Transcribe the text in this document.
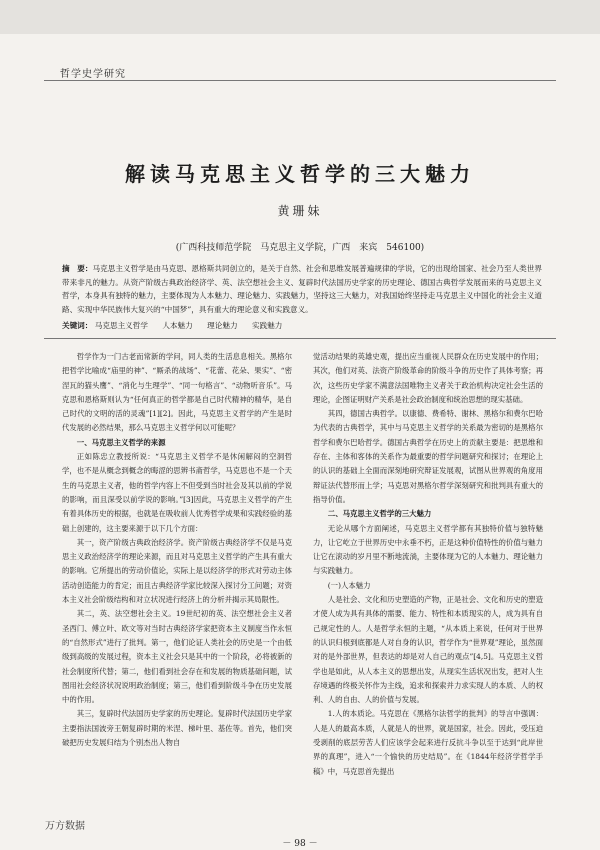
哲学史学研究
解读马克思主义哲学的三大魅力
黄珊妹
(广西科技师范学院　马克思主义学院，广西　来宾　546100)
摘　要：马克思主义哲学是由马克思、恩格斯共同创立的，是关于自然、社会和思维发展普遍规律的学说，它的出现给国家、社会乃至人类世界带来非凡的魅力。从资产阶级古典政治经济学、英、法空想社会主义、复辟时代法国历史学家的历史理论、德国古典哲学发展而来的马克思主义哲学，本身具有独特的魅力，主要体现为人本魅力、理论魅力、实践魅力，坚持这三大魅力，对我国始终坚持走马克思主义中国化的社会主义道路、实现中华民族伟大复兴的“中国梦”，具有重大的理论意义和实践意义。
关键词： 马克思主义哲学 人本魅力 理论魅力 实践魅力

哲学作为一门古老而常新的学问，同人类的生活息息相关。黑格尔把哲学比喻成“庙里的神”、“厮杀的战场”、“花蕾、花朵、果实”、“密涅瓦的猫头鹰”、“消化与生理学”、“同一句格言”、“动物听音乐”。马克思和恩格斯则认为“任何真正的哲学都是自己时代精神的精华，是自己时代的文明的活的灵魂”[1][2]。因此，马克思主义哲学的产生是时代发展的必然结果，那么马克思主义哲学何以可能呢？

一、马克思主义哲学的来源

正如陈忠立教授所说：“马克思主义哲学不是休闲解闷的空洞哲学，也不是从概念到概念的晦涩的思辨书斋哲学，马克思也不是一个天生的马克思主义者，他的哲学内容上不但受到当时社会及其以前的学说的影响，而且深受以前学说的影响。”[3]因此，马克思主义哲学的产生有着具体历史的根据，也就是在吸收前人优秀哲学成果和实践经验的基础上创建的，这主要来源于以下几个方面：

其一，资产阶级古典政治经济学。资产阶级古典经济学不仅是马克思主义政治经济学的理论来源，而且对马克思主义哲学的产生具有重大的影响。它所提出的劳动价值论，实际上是以经济学的形式对劳动主体活动创造能力的肯定；而且古典经济学家比较深入探讨分工问题；对资本主义社会阶级结构和对立状况进行经济上的分析并揭示其局限性。

其二，英、法空想社会主义。19世纪初的英、法空想社会主义者圣西门、傅立叶、欧文等对当时古典经济学家把资本主义制度当作永恒的“自然形式”进行了批判。第一，他们论证人类社会的历史是一个由低级到高级的发展过程，资本主义社会只是其中的一个阶段，必将被新的社会制度所代替；第二，他们看到社会存在和发展的物质基础问题，试图用社会经济状况说明政治制度；第三，他们看到阶级斗争在历史发展中的作用。

其三，复辟时代法国历史学家的历史理论。复辟时代法国历史学家主要指法国波旁王朝复辟时期的米涅、梯叶里、基佐等。首先，他们突破把历史发展归结为个别杰出人物自

觉活动结果的英雄史观，提出应当重视人民群众在历史发展中的作用；其次，他们对英、法资产阶级革命的阶级斗争的历史作了具体考察；再次，这些历史学家不满意法国唯物主义者关于政治机构决定社会生活的理论，企图证明财产关系是社会政治制度和统治思想的现实基础。

其四，德国古典哲学。以康德、费希特、谢林、黑格尔和费尔巴哈为代表的古典哲学，其中与马克思主义哲学的关系最为密切的是黑格尔哲学和费尔巴哈哲学。德国古典哲学在历史上的贡献主要是：把思维和存在、主体和客体的关系作为最重要的哲学问题研究和探讨；在理论上的认识的基础上全面而深刻地研究辩证发展观，试图从世界观的角度用辩证法代替形而上学；马克思对黑格尔哲学深刻研究和批判具有重大的指导价值。

二、马克思主义哲学的三大魅力

无论从哪个方面阐述，马克思主义哲学都有其独特价值与独特魅力，让它屹立于世界历史中永垂不朽，正是这种价值特性的价值与魅力让它在滚动的岁月里不断地流淌，主要体现为它的人本魅力、理论魅力与实践魅力。

(一)人本魅力

人是社会、文化和历史塑造的产物，正是社会、文化和历史的塑造才使人成为具有具体的需要、能力、特性和本质现实的人，成为具有自己规定性的人。人是哲学永恒的主题，“从本质上来说，任何对于世界的认识归根到底都是人对自身的认识，哲学作为“世界观”理论，虽然面对的是外部世界，但表达的却是对人自己的观点”[4,5]。马克思主义哲学也是如此，从人本主义的思想出发，从现实生活状况出发，把对人生存境遇的终极关怀作为主线，追求和探索并力求实现人的本质、人的权利、人的自由、人的价值与发展。

1.人的本质论。马克思在《黑格尔法哲学的批判》的导言中强调：人是人的最高本质，人就是人的世界，就是国家，社会。因此，受压迫受剥削的底层劳苦人们应该学会起来进行反抗斗争以至于达到“此岸世界的真理”，进入“一个愉快的历史结局”。在《1844年经济学哲学手稿》中，马克思首先提出

万方数据
－ 98 －
